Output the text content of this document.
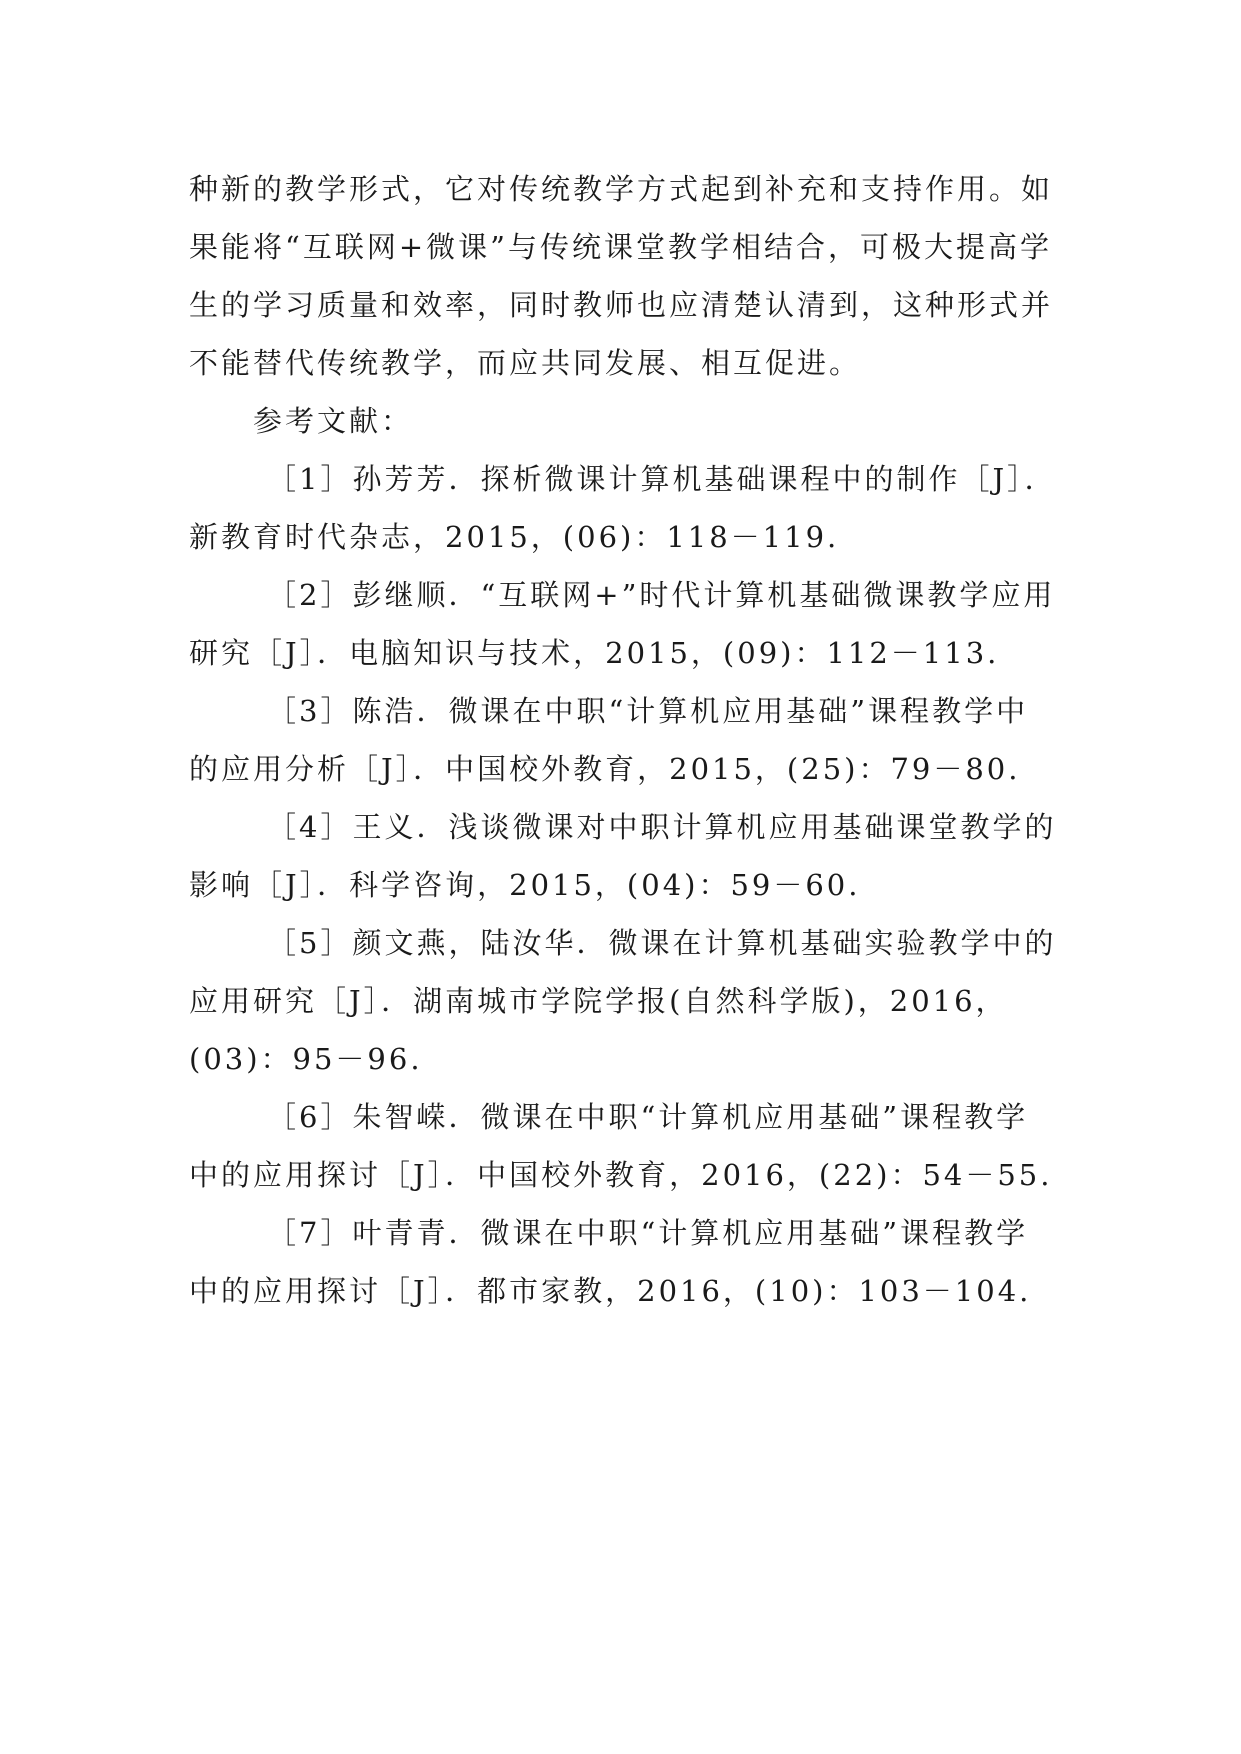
种新的教学形式，它对传统教学方式起到补充和支持作用。如果能将“互联网+微课”与传统课堂教学相结合，可极大提高学生的学习质量和效率，同时教师也应清楚认清到，这种形式并不能替代传统教学，而应共同发展、相互促进。

参考文献：

［1］孙芳芳．探析微课计算机基础课程中的制作［J］．新教育时代杂志，2015，(06)：118－119.

［2］彭继顺．“互联网+”时代计算机基础微课教学应用研究［J］．电脑知识与技术，2015，(09)：112－113.

［3］陈浩．微课在中职“计算机应用基础”课程教学中的应用分析［J］．中国校外教育，2015，(25)：79－80.

［4］王义．浅谈微课对中职计算机应用基础课堂教学的影响［J］．科学咨询，2015，(04)：59－60.

［5］颜文燕，陆汝华．微课在计算机基础实验教学中的应用研究［J］．湖南城市学院学报(自然科学版)，2016，(03)：95－96.

［6］朱智嵘．微课在中职“计算机应用基础”课程教学中的应用探讨［J］．中国校外教育，2016，(22)：54－55.

［7］叶青青．微课在中职“计算机应用基础”课程教学中的应用探讨［J］．都市家教，2016，(10)：103－104.
